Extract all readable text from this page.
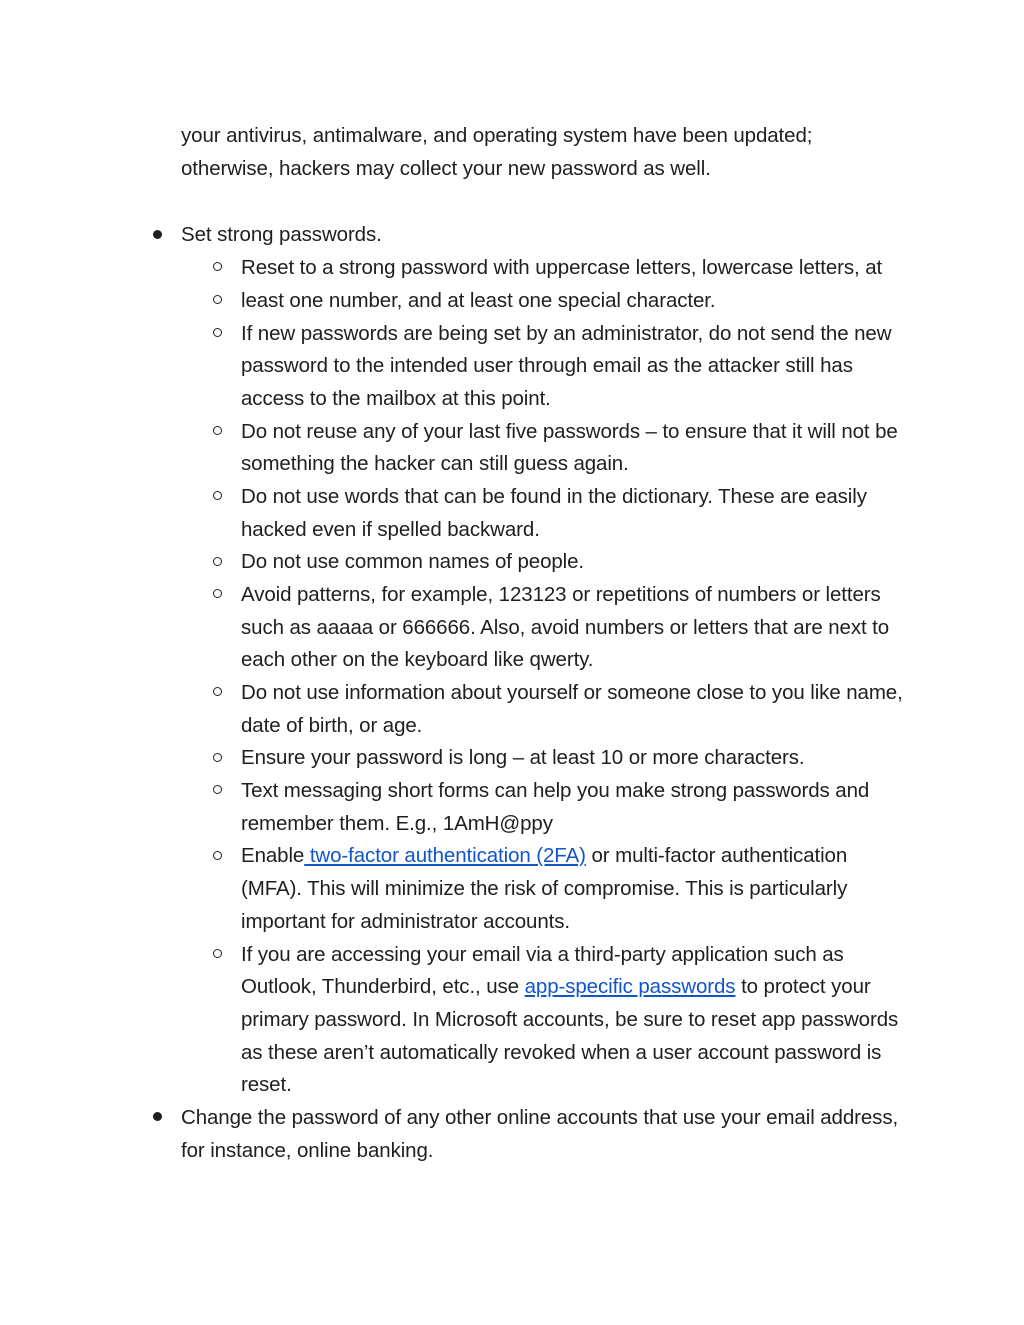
your antivirus, antimalware, and operating system have been updated;
otherwise, hackers may collect your new password as well.
Set strong passwords.
Reset to a strong password with uppercase letters, lowercase letters, at
least one number, and at least one special character.
If new passwords are being set by an administrator, do not send the new
password to the intended user through email as the attacker still has
access to the mailbox at this point.
Do not reuse any of your last five passwords – to ensure that it will not be
something the hacker can still guess again.
Do not use words that can be found in the dictionary. These are easily
hacked even if spelled backward.
Do not use common names of people.
Avoid patterns, for example, 123123 or repetitions of numbers or letters
such as aaaaa or 666666. Also, avoid numbers or letters that are next to
each other on the keyboard like qwerty.
Do not use information about yourself or someone close to you like name,
date of birth, or age.
Ensure your password is long – at least 10 or more characters.
Text messaging short forms can help you make strong passwords and
remember them. E.g., 1AmH@ppy
Enable two-factor authentication (2FA) or multi-factor authentication
(MFA). This will minimize the risk of compromise. This is particularly
important for administrator accounts.
If you are accessing your email via a third-party application such as
Outlook, Thunderbird, etc., use app-specific passwords to protect your
primary password. In Microsoft accounts, be sure to reset app passwords
as these aren’t automatically revoked when a user account password is
reset.
Change the password of any other online accounts that use your email address,
for instance, online banking.
